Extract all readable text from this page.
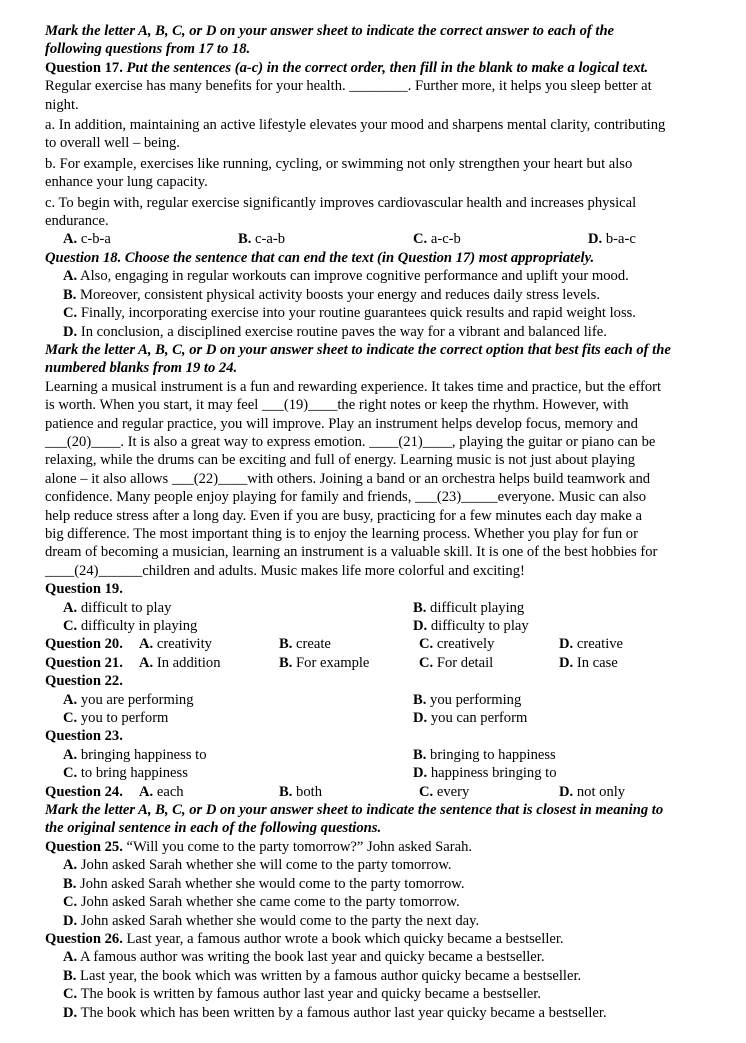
Mark the letter A, B, C, or D on your answer sheet to indicate the correct answer to each of the
following questions from 17 to 18.

Question 17. Put the sentences (a-c) in the correct order, then fill in the blank to make a logical text.

Regular exercise has many benefits for your health. ________. Further more, it helps you sleep better at
night.

a. In addition, maintaining an active lifestyle elevates your mood and sharpens mental clarity, contributing
to overall well – being.

b. For example, exercises like running, cycling, or swimming not only strengthen your heart but also
enhance your lung capacity.

c. To begin with, regular exercise significantly improves cardiovascular health and increases physical
endurance.

A. c-b-a	B. c-a-b	C. a-c-b	D. b-a-c

Question 18. Choose the sentence that can end the text (in Question 17) most appropriately.

A. Also, engaging in regular workouts can improve cognitive performance and uplift your mood.
B. Moreover, consistent physical activity boosts your energy and reduces daily stress levels.
C. Finally, incorporating exercise into your routine guarantees quick results and rapid weight loss.
D. In conclusion, a disciplined exercise routine paves the way for a vibrant and balanced life.

Mark the letter A, B, C, or D on your answer sheet to indicate the correct option that best fits each of the
numbered blanks from 19 to 24.

Learning a musical instrument is a fun and rewarding experience. It takes time and practice, but the effort

is worth. When you start, it may feel ___(19)____the right notes or keep the rhythm. However, with

patience and regular practice, you will improve. Play an instrument helps develop focus, memory and

___(20)____. It is also a great way to express emotion. ____(21)____, playing the guitar or piano can be

relaxing, while the drums can be exciting and full of energy. Learning music is not just about playing

alone – it also allows ___(22)____with others. Joining a band or an orchestra helps build teamwork and

confidence. Many people enjoy playing for family and friends, ___(23)_____everyone. Music can also

help reduce stress after a long day. Even if you are busy, practicing for a few minutes each day make a

big difference. The most important thing is to enjoy the learning process. Whether you play for fun or

dream of becoming a musician, learning an instrument is a valuable skill. It is one of the best hobbies for

____(24)______children and adults. Music makes life more colorful and exciting!

Question 19.

A. difficult to play	B. difficult playing
C. difficulty in playing	D. difficulty to play
Question 20.	A. creativity	B. create	C. creatively	D. creative
Question 21.	A. In addition	B. For example	C. For detail	D. In case

Question 22.

A. you are performing	B. you performing
C. you to perform	D. you can perform

Question 23.

A. bringing happiness to	B. bringing to happiness
C. to bring happiness	D. happiness bringing to
Question 24.	A. each	B. both	C. every	D. not only

Mark the letter A, B, C, or D on your answer sheet to indicate the sentence that is closest in meaning to
the original sentence in each of the following questions.

Question 25. “Will you come to the party tomorrow?” John asked Sarah.

A. John asked Sarah whether she will come to the party tomorrow.
B. John asked Sarah whether she would come to the party tomorrow.
C. John asked Sarah whether she came come to the party tomorrow.
D. John asked Sarah whether she would come to the party the next day.

Question 26. Last year, a famous author wrote a book which quicky became a bestseller.

A. A famous author was writing the book last year and quicky became a bestseller.
B. Last year, the book which was written by a famous author quicky became a bestseller.
C. The book is written by famous author last year and quicky became a bestseller.
D. The book which has been written by a famous author last year quicky became a bestseller.
